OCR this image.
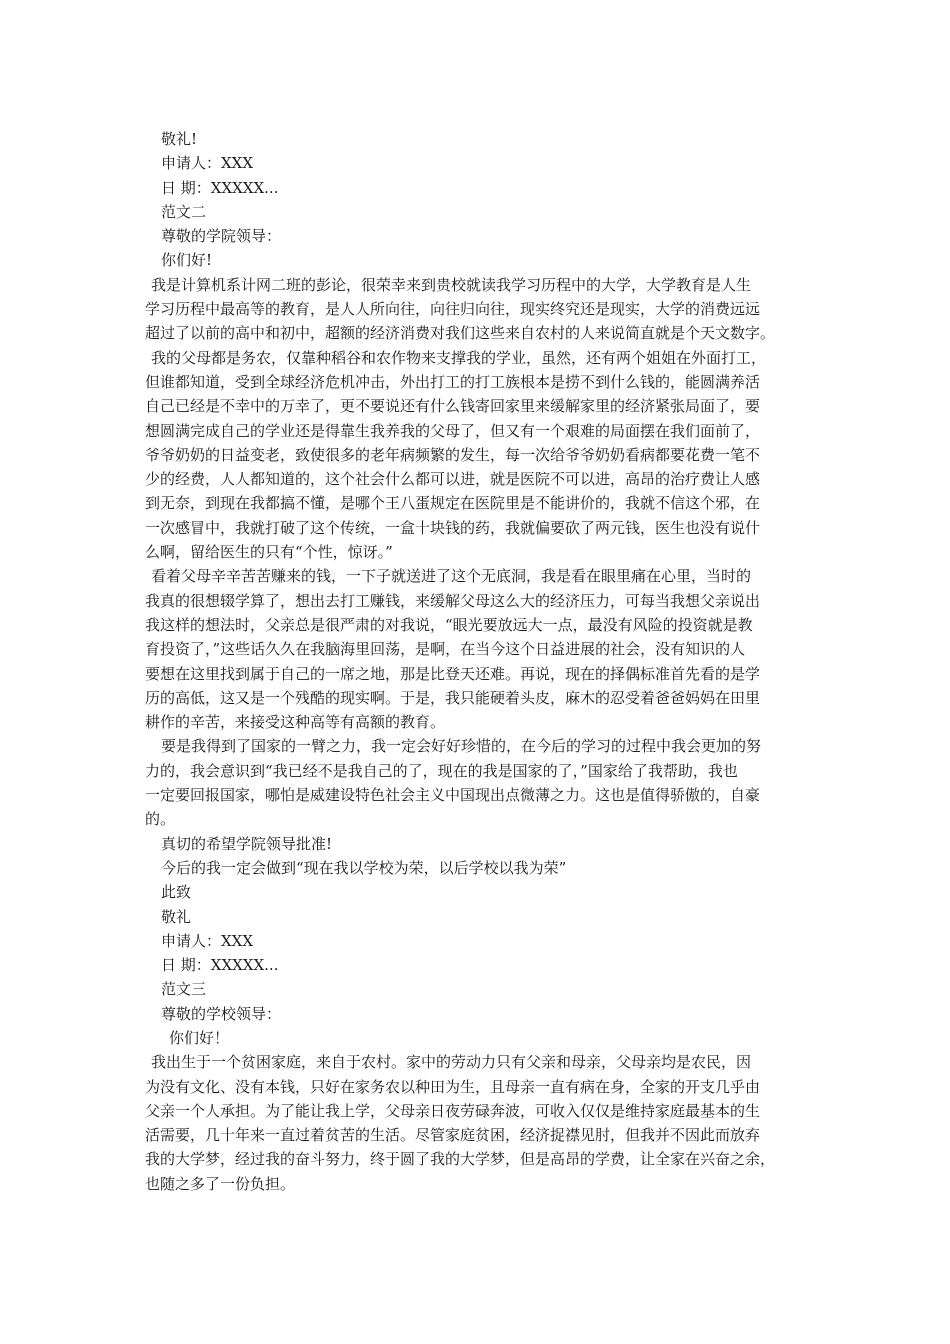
敬礼!

申请人：XXX

日 期：XXXXX...

范文二

尊敬的学院领导：

你们好!

我是计算机系计网二班的彭论，很荣幸来到贵校就读我学习历程中的大学，大学教育是人生

学习历程中最高等的教育，是人人所向往，向往归向往，现实终究还是现实，大学的消费远远

超过了以前的高中和初中，超额的经济消费对我们这些来自农村的人来说简直就是个天文数字。

我的父母都是务农，仅靠种稻谷和农作物来支撑我的学业，虽然，还有两个姐姐在外面打工，

但谁都知道，受到全球经济危机冲击，外出打工的打工族根本是捞不到什么钱的，能圆满养活

自己已经是不幸中的万幸了，更不要说还有什么钱寄回家里来缓解家里的经济紧张局面了，要

想圆满完成自己的学业还是得靠生我养我的父母了，但又有一个艰难的局面摆在我们面前了，

爷爷奶奶的日益变老，致使很多的老年病频繁的发生，每一次给爷爷奶奶看病都要花费一笔不

少的经费，人人都知道的，这个社会什么都可以进，就是医院不可以进，高昂的治疗费让人感

到无奈，到现在我都搞不懂，是哪个王八蛋规定在医院里是不能讲价的，我就不信这个邪，在

一次感冒中，我就打破了这个传统，一盒十块钱的药，我就偏要砍了两元钱，医生也没有说什

么啊，留给医生的只有“个性，惊讶。”

看着父母辛辛苦苦赚来的钱，一下子就送进了这个无底洞，我是看在眼里痛在心里，当时的

我真的很想辍学算了，想出去打工赚钱，来缓解父母这么大的经济压力，可每当我想父亲说出

我这样的想法时，父亲总是很严肃的对我说，“眼光要放远大一点，最没有风险的投资就是教

育投资了，”这些话久久在我脑海里回荡，是啊，在当今这个日益进展的社会，没有知识的人

要想在这里找到属于自己的一席之地，那是比登天还难。再说，现在的择偶标准首先看的是学

历的高低，这又是一个残酷的现实啊。于是，我只能硬着头皮，麻木的忍受着爸爸妈妈在田里

耕作的辛苦，来接受这种高等有高额的教育。

要是我得到了国家的一臂之力，我一定会好好珍惜的，在今后的学习的过程中我会更加的努

力的，我会意识到“我已经不是我自己的了，现在的我是国家的了，”国家给了我帮助，我也

一定要回报国家，哪怕是威建设特色社会主义中国现出点微薄之力。这也是值得骄傲的，自豪

的。

真切的希望学院领导批准!

今后的我一定会做到“现在我以学校为荣，以后学校以我为荣”

此致

敬礼

申请人：XXX

日 期：XXXXX...

范文三

尊敬的学校领导：

你们好！

我出生于一个贫困家庭，来自于农村。家中的劳动力只有父亲和母亲，父母亲均是农民，因

为没有文化、没有本钱，只好在家务农以种田为生，且母亲一直有病在身，全家的开支几乎由

父亲一个人承担。为了能让我上学，父母亲日夜劳碌奔波，可收入仅仅是维持家庭最基本的生

活需要，几十年来一直过着贫苦的生活。尽管家庭贫困，经济捉襟见肘，但我并不因此而放弃

我的大学梦，经过我的奋斗努力，终于圆了我的大学梦，但是高昂的学费，让全家在兴奋之余，

也随之多了一份负担。
